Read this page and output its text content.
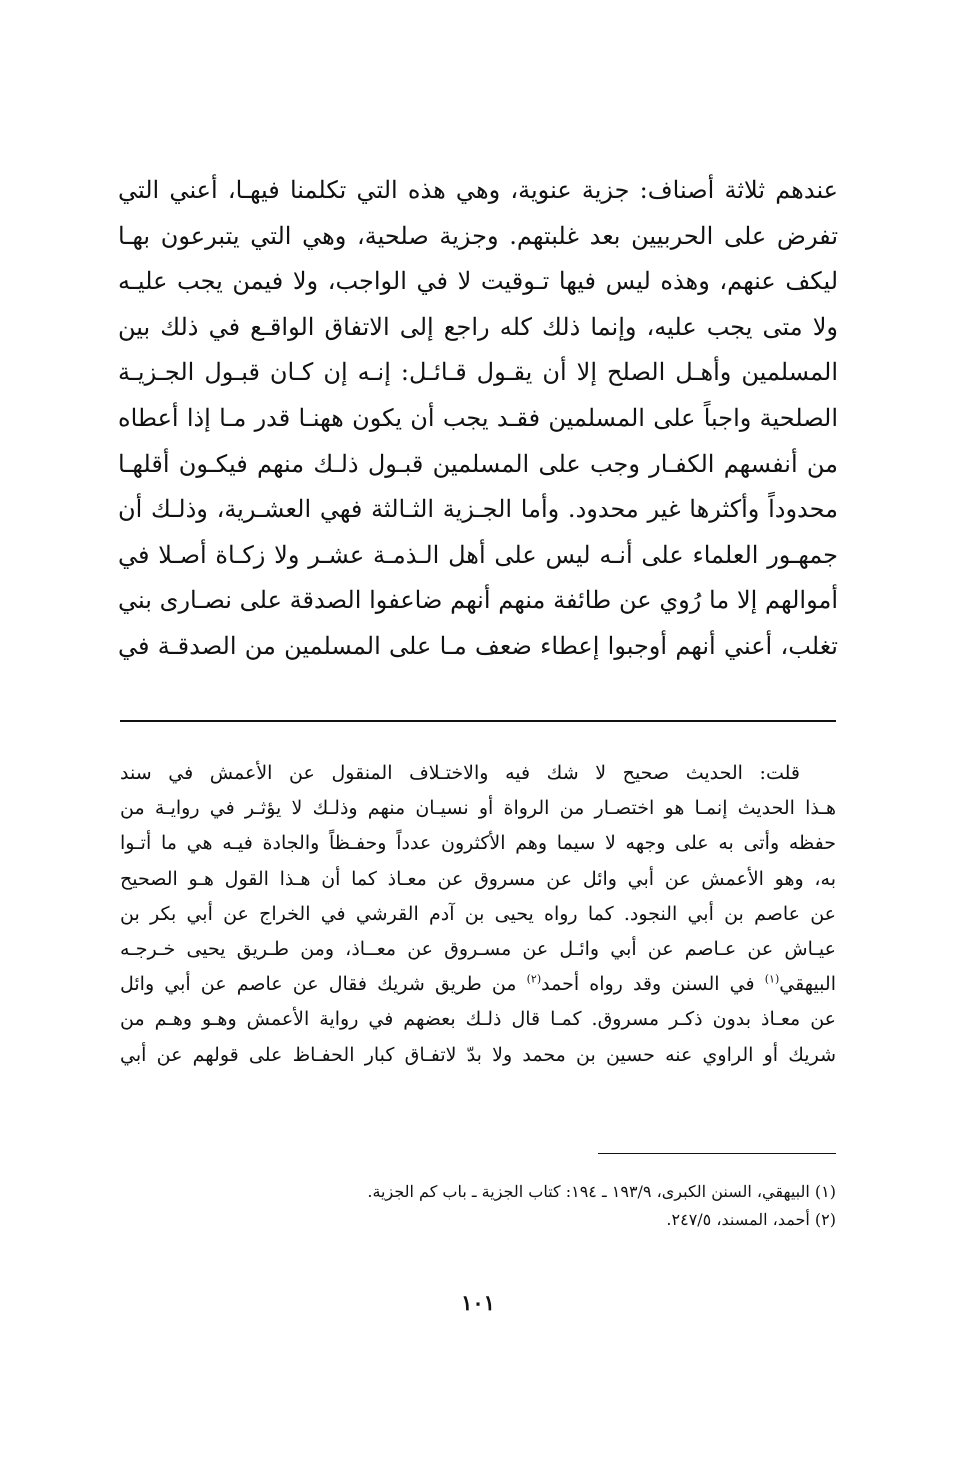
عندهم ثلاثة أصناف: جزية عنوية، وهي هذه التي تكلمنا فيهـا، أعني التي
تفرض على الحربيين بعد غلبتهم. وجزية صلحية، وهي التي يتبرعون بهـا
ليكف عنهم، وهذه ليس فيها تـوقيت لا في الواجب، ولا فيمن يجب عليـه
ولا متى يجب عليه، وإنما ذلك كله راجع إلى الاتفاق الواقـع في ذلك بين
المسلمين وأهـل الصلح إلا أن يقـول قـائـل: إنـه إن كـان قبـول الجـزيـة
الصلحية واجباً على المسلمين فقـد يجب أن يكون ههنـا قدر مـا إذا أعطاه
من أنفسهم الكفـار وجب على المسلمين قبـول ذلـك منهم فيكـون أقلهـا
محدوداً وأكثرها غير محدود. وأما الجـزية الثـالثة فهي العشـرية، وذلـك أن
جمهـور العلماء على أنـه ليس على أهل الـذمـة عشـر ولا زكـاة أصـلا في
أموالهم إلا ما رُوي عن طائفة منهم أنهم ضاعفوا الصدقة على نصـارى بني
تغلب، أعني أنهم أوجبوا إعطاء ضعف مـا على المسلمين من الصدقـة في
قلت: الحديث صحيح لا شك فيه والاختـلاف المنقول عن الأعمش في سند
هـذا الحديث إنمـا هو اختصـار من الرواة أو نسيـان منهم وذلـك لا يؤثـر في روايـة من
حفظه وأتى به على وجهه لا سيما وهم الأكثرون عدداً وحفـظاً والجادة فيـه هي ما أتـوا
به، وهو الأعمش عن أبي وائل عن مسروق عن معـاذ كما أن هـذا القول هـو الصحيح
عن عاصم بن أبي النجود. كما رواه يحيى بن آدم القرشي في الخراج عن أبي بكر بن
عيـاش عن عـاصم عن أبي وائـل عن مسـروق عن معــاذ، ومن طـريق يحيى خـرجـه
البيهقي$^{(١)}$ في السنن وقد رواه أحمد$^{(٢)}$ من طريق شريك فقال عن عاصم عن أبي وائل
عن معـاذ بدون ذكـر مسروق. كمـا قال ذلـك بعضهم في رواية الأعمش وهـو وهـم من
شريك أو الراوي عنه حسين بن محمد ولا بدّ لاتفـاق كبار الحفـاظ على قولهم عن أبي
(١) البيهقي، السنن الكبرى، ١٩٣/٩ ـ ١٩٤: كتاب الجزية ـ باب كم الجزية.
(٢) أحمد، المسند، ٢٤٧/٥.
١٠١
